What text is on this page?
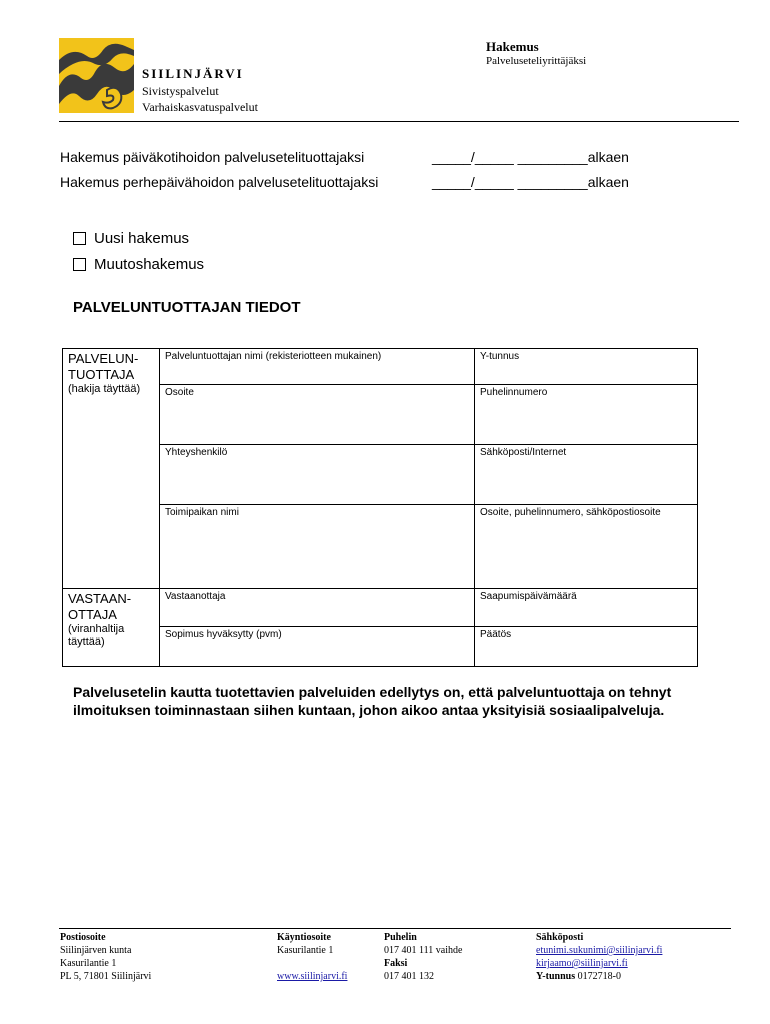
SIILINJÄRVI
Sivistyspalvelut
Varhaiskasvatuspalvelut
Hakemus
Palveluseteliyrittäjäksi
Hakemus päiväkotihoidon palvelusetelituottajaksi	_____/_____ _________alkaen
Hakemus perhepäivähoidon palvelusetelituottajaksi	_____/_____ _________alkaen
Uusi hakemus
Muutoshakemus
PALVELUNTUOTTAJAN TIEDOT
PALVELUN-
TUOTTAJA
(hakija täyttää)	Palveluntuottajan nimi (rekisteriotteen mukainen)	Y-tunnus
	Osoite	Puhelinnumero
	Yhteyshenkilö	Sähköposti/Internet
	Toimipaikan nimi	Osoite, puhelinnumero, sähköpostiosoite

VASTAAN-
OTTAJA
(viranhaltija
täyttää)	Vastaanottaja	Saapumispäivämäärä
	Sopimus hyväksytty (pvm)	Päätös
Palvelusetelin kautta tuotettavien palveluiden edellytys on, että palveluntuottaja on tehnyt ilmoituksen toiminnastaan siihen kuntaan, johon aikoo antaa yksityisiä sosiaalipalveluja.
Postiosoite
Siilinjärven kunta
Kasurilantie 1
PL 5, 71801 Siilinjärvi
Käyntiosoite
Kasurilantie 1

www.siilinjarvi.fi
Puhelin
017 401 111 vaihde
Faksi
017 401 132
Sähköposti
etunimi.sukunimi@siilinjarvi.fi
kirjaamo@siilinjarvi.fi
Y-tunnus 0172718-0
